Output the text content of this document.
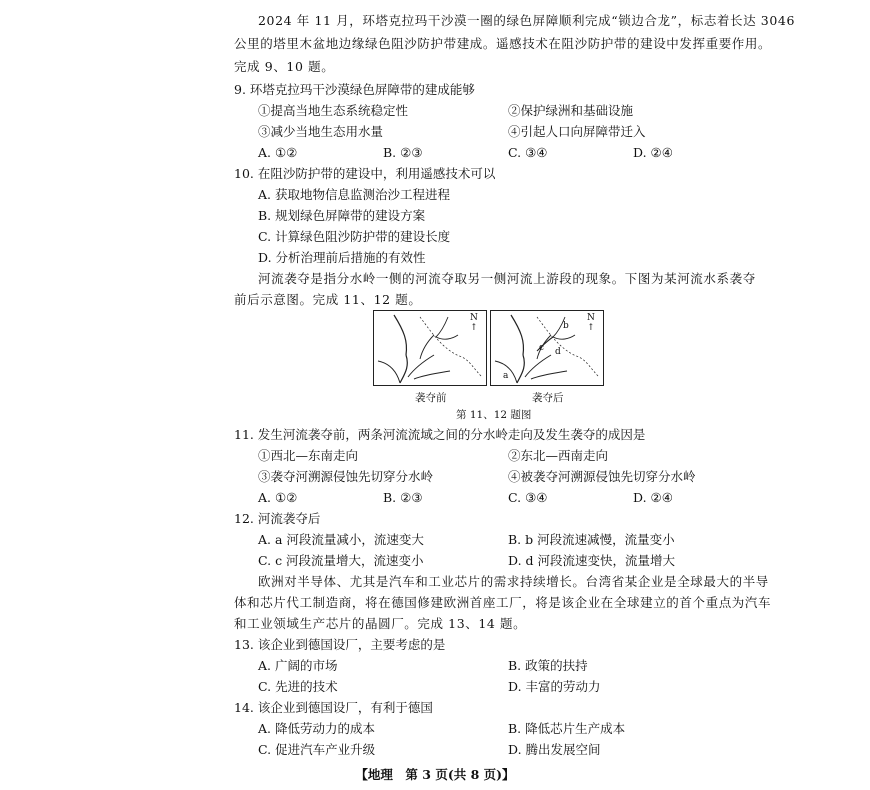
2024 年 11 月，环塔克拉玛干沙漠一圈的绿色屏障顺利完成“锁边合龙”，标志着长达 3046
公里的塔里木盆地边缘绿色阻沙防护带建成。遥感技术在阻沙防护带的建设中发挥重要作用。
完成 9、10 题。
9. 环塔克拉玛干沙漠绿色屏障带的建成能够
①提高当地生态系统稳定性	②保护绿洲和基础设施
③减少当地生态用水量	④引起人口向屏障带迁入
A. ①②	B. ②③	C. ③④	D. ②④
10. 在阻沙防护带的建设中，利用遥感技术可以
A. 获取地物信息监测治沙工程进程
B. 规划绿色屏障带的建设方案
C. 计算绿色阻沙防护带的建设长度
D. 分析治理前后措施的有效性
河流袭夺是指分水岭一侧的河流夺取另一侧河流上游段的现象。下图为某河流水系袭夺
前后示意图。完成 11、12 题。
N
↑
袭夺前
a
b
c d
N
↑
袭夺后
第 11、12 题图
11. 发生河流袭夺前，两条河流流域之间的分水岭走向及发生袭夺的成因是
①西北—东南走向	②东北—西南走向
③袭夺河溯源侵蚀先切穿分水岭	④被袭夺河溯源侵蚀先切穿分水岭
A. ①②	B. ②③	C. ③④	D. ②④
12. 河流袭夺后
A. a 河段流量减小，流速变大	B. b 河段流速减慢，流量变小
C. c 河段流量增大，流速变小	D. d 河段流速变快，流量增大
欧洲对半导体、尤其是汽车和工业芯片的需求持续增长。台湾省某企业是全球最大的半导
体和芯片代工制造商，将在德国修建欧洲首座工厂，将是该企业在全球建立的首个重点为汽车
和工业领域生产芯片的晶圆厂。完成 13、14 题。
13. 该企业到德国设厂，主要考虑的是
A. 广阔的市场	B. 政策的扶持
C. 先进的技术	D. 丰富的劳动力
14. 该企业到德国设厂，有利于德国
A. 降低劳动力的成本	B. 降低芯片生产成本
C. 促进汽车产业升级	D. 腾出发展空间
【地理　第 3 页(共 8 页)】
